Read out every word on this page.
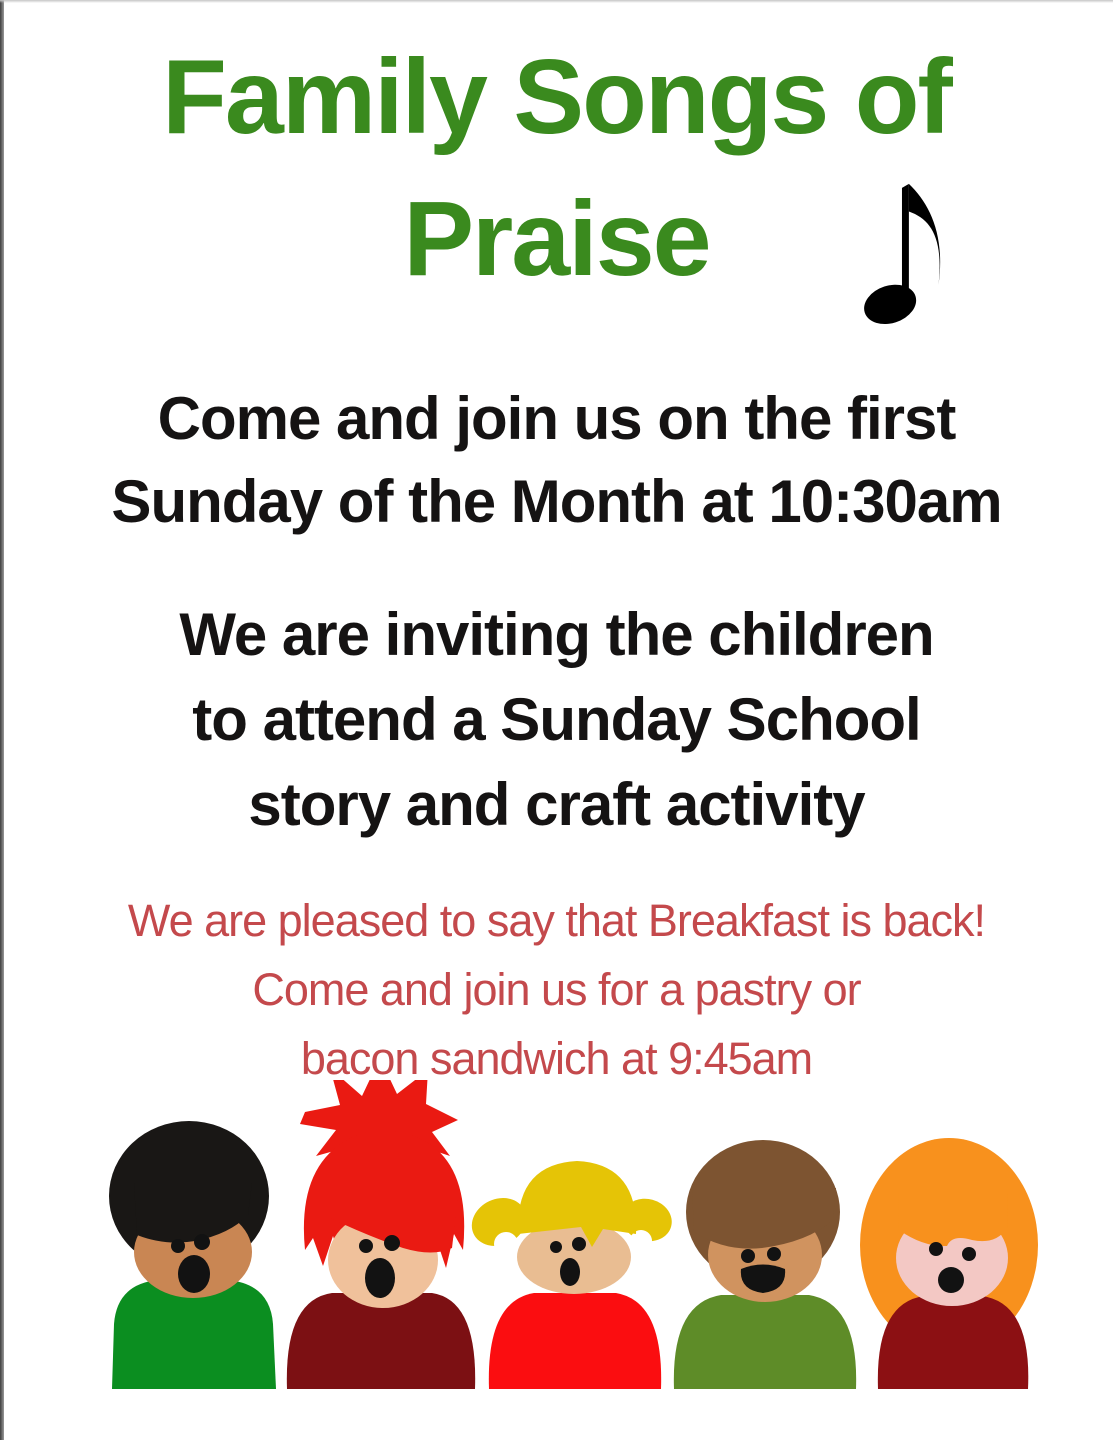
Family Songs of
Praise
Come and join us on the first
Sunday of the Month at 10:30am
We are inviting the children
to attend a Sunday School
story and craft activity
We are pleased to say that Breakfast is back!
Come and join us for a pastry or
bacon sandwich at 9:45am
